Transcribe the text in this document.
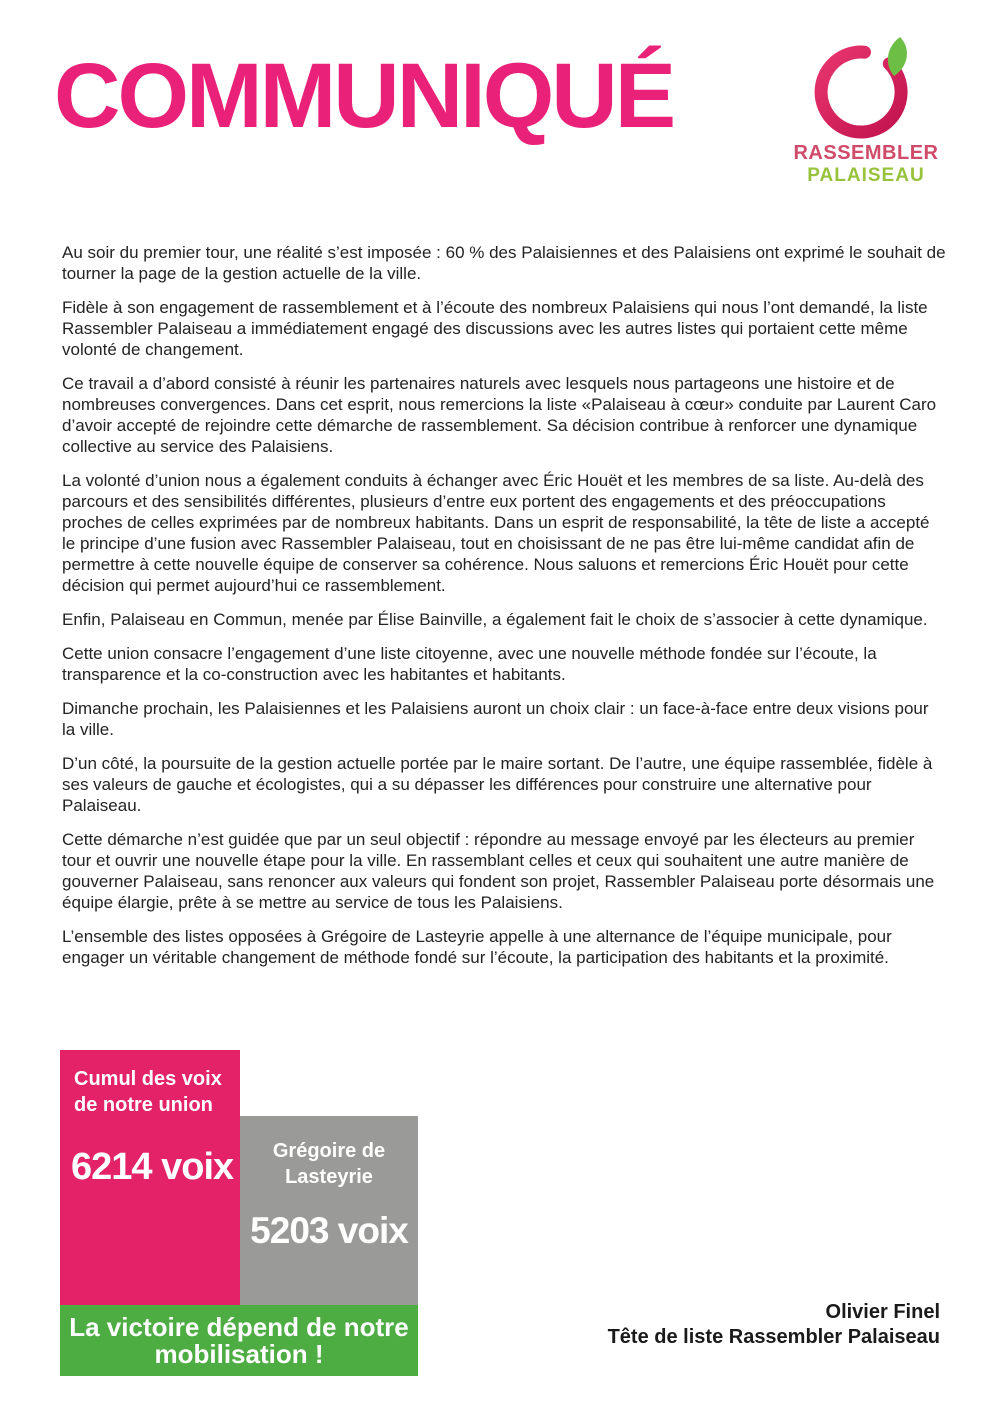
COMMUNIQUÉ
RASSEMBLER
PALAISEAU

Au soir du premier tour, une réalité s’est imposée : 60 % des Palaisiennes et des Palaisiens ont exprimé le souhait de tourner la page de la gestion actuelle de la ville.

Fidèle à son engagement de rassemblement et à l’écoute des nombreux Palaisiens qui nous l’ont demandé, la liste Rassembler Palaiseau a immédiatement engagé des discussions avec les autres listes qui portaient cette même volonté de changement.

Ce travail a d’abord consisté à réunir les partenaires naturels avec lesquels nous partageons une histoire et de nombreuses convergences. Dans cet esprit, nous remercions la liste «Palaiseau à cœur» conduite par Laurent Caro d’avoir accepté de rejoindre cette démarche de rassemblement. Sa décision contribue à renforcer une dynamique collective au service des Palaisiens.

La volonté d’union nous a également conduits à échanger avec Éric Houët et les membres de sa liste. Au-delà des parcours et des sensibilités différentes, plusieurs d’entre eux portent des engagements et des préoccupations proches de celles exprimées par de nombreux habitants. Dans un esprit de responsabilité, la tête de liste a accepté le principe d’une fusion avec Rassembler Palaiseau, tout en choisissant de ne pas être lui-même candidat afin de permettre à cette nouvelle équipe de conserver sa cohérence. Nous saluons et remercions Éric Houët pour cette décision qui permet aujourd’hui ce rassemblement.

Enfin, Palaiseau en Commun, menée par Élise Bainville, a également fait le choix de s’associer à cette dynamique.

Cette union consacre l’engagement d’une liste citoyenne, avec une nouvelle méthode fondée sur l’écoute, la transparence et la co-construction avec les habitantes et habitants.

Dimanche prochain, les Palaisiennes et les Palaisiens auront un choix clair : un face-à-face entre deux visions pour la ville.

D’un côté, la poursuite de la gestion actuelle portée par le maire sortant. De l’autre, une équipe rassemblée, fidèle à ses valeurs de gauche et écologistes, qui a su dépasser les différences pour construire une alternative pour Palaiseau.

Cette démarche n’est guidée que par un seul objectif : répondre au message envoyé par les électeurs au premier tour et ouvrir une nouvelle étape pour la ville. En rassemblant celles et ceux qui souhaitent une autre manière de gouverner Palaiseau, sans renoncer aux valeurs qui fondent son projet, Rassembler Palaiseau porte désormais une équipe élargie, prête à se mettre au service de tous les Palaisiens.

L’ensemble des listes opposées à Grégoire de Lasteyrie appelle à une alternance de l’équipe municipale, pour engager un véritable changement de méthode fondé sur l’écoute, la participation des habitants et la proximité.

Cumul des voix de notre union
6214 voix	Grégoire de Lasteyrie
5203 voix
La victoire dépend de notre mobilisation !
Olivier Finel
Tête de liste Rassembler Palaiseau
